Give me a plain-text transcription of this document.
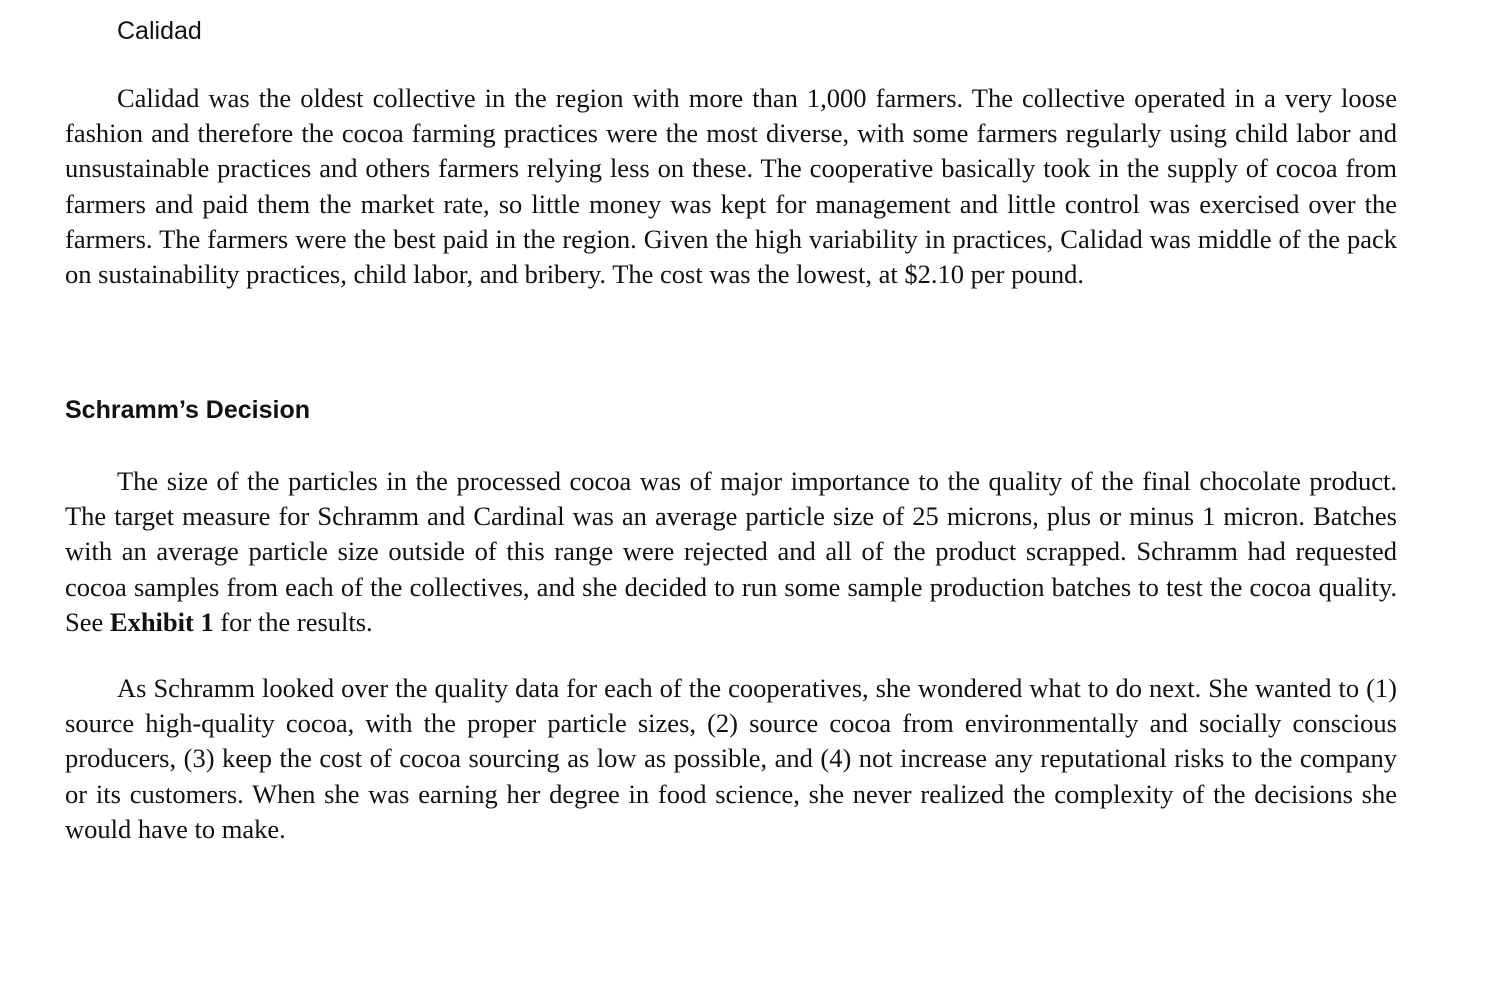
Calidad

Calidad was the oldest collective in the region with more than 1,000 farmers. The collective operated in a very loose fashion and therefore the cocoa farming practices were the most diverse, with some farmers regularly using child labor and unsustainable practices and others farmers relying less on these. The cooperative basically took in the supply of cocoa from farmers and paid them the market rate, so little money was kept for management and little control was exercised over the farmers. The farmers were the best paid in the region. Given the high variability in practices, Calidad was middle of the pack on sustainability practices, child labor, and bribery. The cost was the lowest, at $2.10 per pound.

Schramm’s Decision

The size of the particles in the processed cocoa was of major importance to the quality of the final chocolate product. The target measure for Schramm and Cardinal was an average particle size of 25 microns, plus or minus 1 micron. Batches with an average particle size outside of this range were rejected and all of the product scrapped. Schramm had requested cocoa samples from each of the collectives, and she decided to run some sample production batches to test the cocoa quality. See Exhibit 1 for the results.

As Schramm looked over the quality data for each of the cooperatives, she wondered what to do next. She wanted to (1) source high-quality cocoa, with the proper particle sizes, (2) source cocoa from environmentally and socially conscious producers, (3) keep the cost of cocoa sourcing as low as possible, and (4) not increase any reputational risks to the company or its customers. When she was earning her degree in food science, she never realized the complexity of the decisions she would have to make.
